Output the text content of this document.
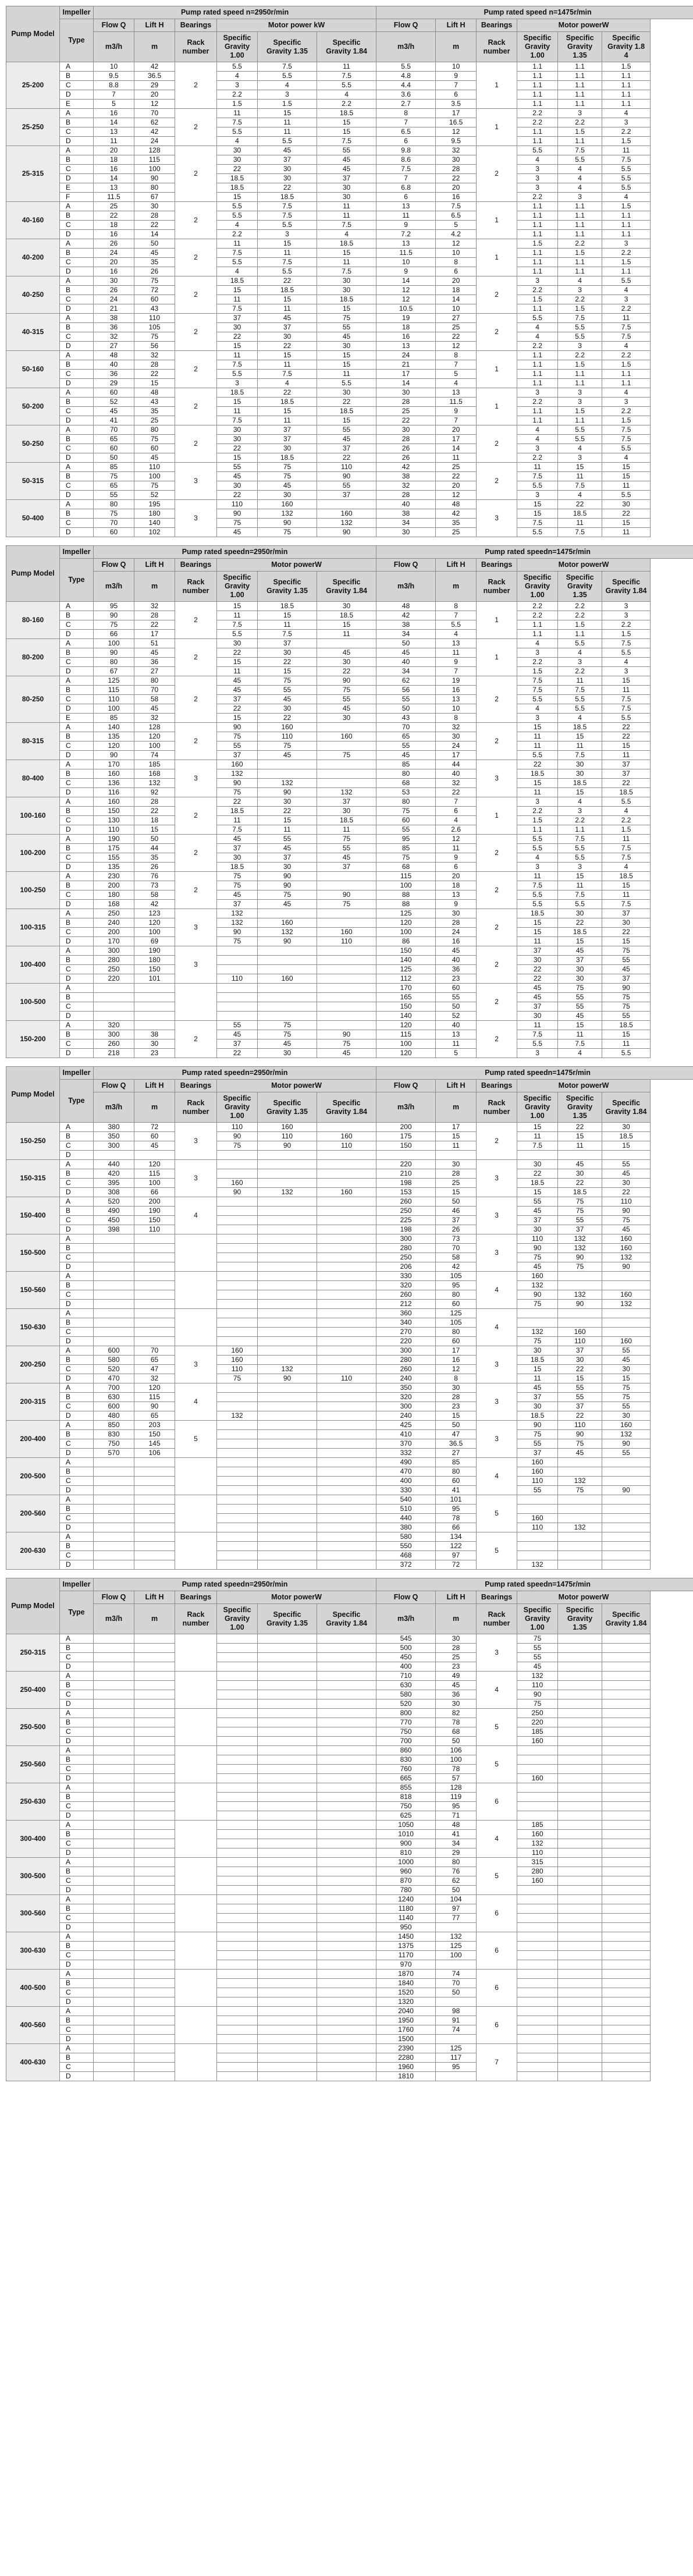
Pump Model	Impeller	Pump rated speed n=2950r/min						Pump rated speed n=1475r/min					
	Type	Flow Q	Lift H	Bearings	Motor power kW			Flow Q	Lift H	Bearings	Motor powerW		
		m3/h	m	Rack number	Specific Gravity 1.00	Specific Gravity 1.35	Specific Gravity 1.84	m3/h	m	Rack number	Specific Gravity 1.00	Specific Gravity 1.35	Specific Gravity 1.8 4
25-200	A	10	42	2	5.5	7.5	11	5.5	10	1	1.1	1.1	1.5
	B	9.5	36.5		4	5.5	7.5	4.8	9		1.1	1.1	1.1
	C	8.8	29		3	4	5.5	4.4	7		1.1	1.1	1.1
	D	7	20		2.2	3	4	3.6	6		1.1	1.1	1.1
	E	5	12		1.5	1.5	2.2	2.7	3.5		1.1	1.1	1.1
25-250	A	16	70	2	11	15	18.5	8	17	1	2.2	3	4
	B	14	62		7.5	11	15	7	16.5		2.2	2.2	3
	C	13	42		5.5	11	15	6.5	12		1.1	1.5	2.2
	D	11	24		4	5.5	7.5	6	9.5		1.1	1.1	1.5
25-315	A	20	128	2	30	45	55	9.8	32	2	5.5	7.5	11
	B	18	115		30	37	45	8.6	30		4	5.5	7.5
	C	16	100		22	30	45	7.5	28		3	4	5.5
	D	14	90		18.5	30	37	7	22		3	4	5.5
	E	13	80		18.5	22	30	6.8	20		3	4	5.5
	F	11.5	67		15	18.5	30	6	16		2.2	3	4
40-160	A	25	30	2	5.5	7.5	11	13	7.5	1	1.1	1.1	1.5
	B	22	28		5.5	7.5	11	11	6.5		1.1	1.1	1.1
	C	18	22		4	5.5	7.5	9	5		1.1	1.1	1.1
	D	16	14		2.2	3	4	7.2	4.2		1.1	1.1	1.1
40-200	A	26	50	2	11	15	18.5	13	12	1	1.5	2.2	3
	B	24	45		7.5	11	15	11.5	10		1.1	1.5	2.2
	C	20	35		5.5	7.5	11	10	8		1.1	1.1	1.5
	D	16	26		4	5.5	7.5	9	6		1.1	1.1	1.1
40-250	A	30	75	2	18.5	22	30	14	20	2	3	4	5.5
	B	26	72		15	18.5	30	12	18		2.2	3	4
	C	24	60		11	15	18.5	12	14		1.5	2.2	3
	D	21	43		7.5	11	15	10.5	10		1.1	1.5	2.2
40-315	A	38	110	2	37	45	75	19	27	2	5.5	7.5	11
	B	36	105		30	37	55	18	25		4	5.5	7.5
	C	32	75		22	30	45	16	22		4	5.5	7.5
	D	27	56		15	22	30	13	12		2.2	3	4
50-160	A	48	32	2	11	15	15	24	8	1	1.1	2.2	2.2
	B	40	28		7.5	11	15	21	7		1.1	1.5	1.5
	C	36	22		5.5	7.5	11	17	5		1.1	1.1	1.1
	D	29	15		3	4	5.5	14	4		1.1	1.1	1.1
50-200	A	60	48	2	18.5	22	30	30	13	1	3	3	4
	B	52	43		15	18.5	22	28	11.5		2.2	3	3
	C	45	35		11	15	18.5	25	9		1.1	1.5	2.2
	D	41	25		7.5	11	15	22	7		1.1	1.1	1.5
50-250	A	70	80	2	30	37	55	30	20	2	4	5.5	7.5
	B	65	75		30	37	45	28	17		4	5.5	7.5
	C	60	60		22	30	37	26	14		3	4	5.5
	D	50	45		15	18.5	22	26	11		2.2	3	4
50-315	A	85	110	3	55	75	110	42	25	2	11	15	15
	B	75	100		45	75	90	38	22		7.5	11	15
	C	65	75		30	45	55	32	20		5.5	7.5	11
	D	55	52		22	30	37	28	12		3	4	5.5
50-400	A	80	195	3	110	160		40	48	3	15	22	30
	B	75	180		90	132	160	38	42		15	18.5	22
	C	70	140		75	90	132	34	35		7.5	11	15
	D	60	102		45	75	90	30	25		5.5	7.5	11
Pump Model	Impeller	Pump rated speedn=2950r/min						Pump rated speedn=1475r/min					
	Type	Flow Q	Lift H	Bearings	Motor powerW			Flow Q	Lift H	Bearings	Motor powerW		
		m3/h	m	Rack number	Specific Gravity 1.00	Specific Gravity 1.35	Specific Gravity 1.84	m3/h	m	Rack number	Specific Gravity 1.00	Specific Gravity 1.35	Specific Gravity 1.84
80-160	A	95	32	2	15	18.5	30	48	8	1	2.2	2.2	3
	B	90	28		11	15	18.5	42	7		2.2	2.2	3
	C	75	22		7.5	11	15	38	5.5		1.1	1.5	2.2
	D	66	17		5.5	7.5	11	34	4		1.1	1.1	1.5
80-200	A	100	51	2	30	37		50	13	1	4	5.5	7.5
	B	90	45		22	30	45	45	11		3	4	5.5
	C	80	36		15	22	30	40	9		2.2	3	4
	D	67	27		11	15	22	34	7		1.5	2.2	3
80-250	A	125	80	2	45	75	90	62	19	2	7.5	11	15
	B	115	70		45	55	75	56	16		7.5	7.5	11
	C	110	58		37	45	55	55	13		5.5	5.5	7.5
	D	100	45		22	30	45	50	10		4	5.5	7.5
	E	85	32		15	22	30	43	8		3	4	5.5
80-315	A	140	128	2	90	160		70	32	2	15	18.5	22
	B	135	120		75	110	160	65	30		11	15	22
	C	120	100		55	75		55	24		11	11	15
	D	90	74		37	45	75	45	17		5.5	7.5	11
80-400	A	170	185	3	160			85	44	3	22	30	37
	B	160	168		132			80	40		18.5	30	37
	C	136	132		90	132		68	32		15	18.5	22
	D	116	92		75	90	132	53	22		11	15	18.5
100-160	A	160	28	2	22	30	37	80	7	1	3	4	5.5
	B	150	22		18.5	22	30	75	6		2.2	3	4
	C	130	18		11	15	18.5	60	4		1.5	2.2	2.2
	D	110	15		7.5	11	11	55	2.6		1.1	1.1	1.5
100-200	A	190	50	2	45	55	75	95	12	2	5.5	7.5	11
	B	175	44		37	45	55	85	11		5.5	5.5	7.5
	C	155	35		30	37	45	75	9		4	5.5	7.5
	D	135	26		18.5	30	37	68	6		3	3	4
100-250	A	230	76	2	75	90		115	20	2	11	15	18.5
	B	200	73		75	90		100	18		7.5	11	15
	C	180	58		45	75	90	88	13		5.5	7.5	11
	D	168	42		37	45	75	88	9		5.5	5.5	7.5
100-315	A	250	123	3	132			125	30	2	18.5	30	37
	B	240	120		132	160		120	28		15	22	30
	C	200	100		90	132	160	100	24		15	18.5	22
	D	170	69		75	90	110	86	16		11	15	15
100-400	A	300	190	3				150	45	2	37	45	75
	B	280	180					140	40		30	37	55
	C	250	150					125	36		22	30	45
	D	220	101		110	160		112	23		22	30	37
100-500	A							170	60	2	45	75	90
	B							165	55		45	55	75
	C							150	50		37	55	75
	D							140	52		30	45	55
150-200	A	320		2	55	75		120	40	2	11	15	18.5
	B	300	38		45	75	90	115	13		7.5	11	15
	C	260	30		37	45	75	100	11		5.5	7.5	11
	D	218	23		22	30	45	120	5		3	4	5.5
Pump Model	Impeller	Pump rated speedn=2950r/min						Pump rated speedn=1475r/min					
	Type	Flow Q	Lift H	Bearings	Motor powerW			Flow Q	Lift H	Bearings	Motor powerW		
		m3/h	m	Rack number	Specific Gravity 1.00	Specific Gravity 1.35	Specific Gravity 1.84	m3/h	m	Rack number	Specific Gravity 1.00	Specific Gravity 1.35	Specific Gravity 1.84
150-250	A	380	72	3	110	160		200	17	2	15	22	30
	B	350	60		90	110	160	175	15		11	15	18.5
	C	300	45		75	90	110	150	11		7.5	11	15
	D												
150-315	A	440	120	3				220	30	3	30	45	55
	B	420	115					210	28		22	30	45
	C	395	100		160			198	25		18.5	22	30
	D	308	66		90	132	160	153	15		15	18.5	22
150-400	A	520	200	4				260	50	3	55	75	110
	B	490	190					250	46		45	75	90
	C	450	150					225	37		37	55	75
	D	398	110					198	26		30	37	45
150-500	A							300	73	3	110	132	160
	B							280	70		90	132	160
	C							250	58		75	90	132
	D							206	42		45	75	90
150-560	A							330	105	4	160		
	B							320	95		132		
	C							260	80		90	132	160
	D							212	60		75	90	132
150-630	A							360	125	4			
	B							340	105				
	C							270	80		132	160	
	D							220	60		75	110	160
200-250	A	600	70	3	160			300	17	3	30	37	55
	B	580	65		160			280	16		18.5	30	45
	C	520	47		110	132		260	12		15	22	30
	D	470	32		75	90	110	240	8		11	15	15
200-315	A	700	120	4				350	30	3	45	55	75
	B	630	115					320	28		37	55	75
	C	600	90					300	23		30	37	55
	D	480	65		132			240	15		18.5	22	30
200-400	A	850	203	5				425	50	3	90	110	160
	B	830	150					410	47		75	90	132
	C	750	145					370	36.5		55	75	90
	D	570	106					332	27		37	45	55
200-500	A							490	85	4	160		
	B							470	80		160		
	C							400	60		110	132	
	D							330	41		55	75	90
200-560	A							540	101	5			
	B							510	95				
	C							440	78		160		
	D							380	66		110	132	
200-630	A							580	134	5			
	B							550	122				
	C							468	97				
	D							372	72		132		
Pump Model	Impeller	Pump rated speedn=2950r/min						Pump rated speedn=1475r/min					
	Type	Flow Q	Lift H	Bearings	Motor powerW			Flow Q	Lift H	Bearings	Motor powerW		
		m3/h	m	Rack number	Specific Gravity 1.00	Specific Gravity 1.35	Specific Gravity 1.84	m3/h	m	Rack number	Specific Gravity 1.00	Specific Gravity 1.35	Specific Gravity 1.84
250-315	A							545	30	3	75		
	B							500	28		55		
	C							450	25		55		
	D							400	23		45		
250-400	A							710	49	4	132		
	B							630	45		110		
	C							580	36		90		
	D							520	30		75		
250-500	A							800	82	5	250		
	B							770	78		220		
	C							750	68		185		
	D							700	50		160		
250-560	A							860	106	5			
	B							830	100				
	C							760	78				
	D							665	57		160		
250-630	A							855	128	6			
	B							818	119				
	C							750	95				
	D							625	71				
300-400	A							1050	48	4	185		
	B							1010	41		160		
	C							900	34		132		
	D							810	29		110		
300-500	A							1000	80	5	315		
	B							960	76		280		
	C							870	62		160		
	D							780	50				
300-560	A							1240	104	6			
	B							1180	97				
	C							1140	77				
	D							950					
300-630	A							1450	132	6			
	B							1375	125				
	C							1170	100				
	D							970					
400-500	A							1870	74	6			
	B							1840	70				
	C							1520	50				
	D							1320					
400-560	A							2040	98	6			
	B							1950	91				
	C							1760	74				
	D							1500					
400-630	A							2390	125	7			
	B							2280	117				
	C							1960	95				
	D							1810					
